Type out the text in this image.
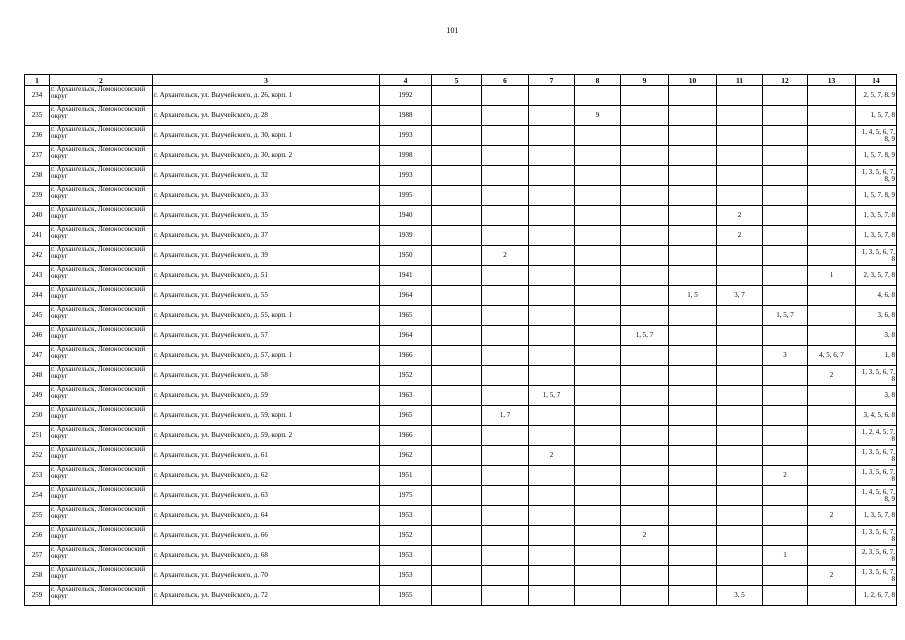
101
1	2	3	4	5	6	7	8	9	10	11	12	13	14
234	г. Архангельск, Ломоносовский округ	г. Архангельск, ул. Выучейского, д. 26, корп. 1	1992										2, 5, 7, 8, 9
235	г. Архангельск, Ломоносовский округ	г. Архангельск, ул. Выучейского, д. 28	1988				9						1, 5, 7, 8
236	г. Архангельск, Ломоносовский округ	г. Архангельск, ул. Выучейского, д. 30, корп. 1	1993										1, 4, 5, 6, 7, 8, 9
237	г. Архангельск, Ломоносовский округ	г. Архангельск, ул. Выучейского, д. 30, корп. 2	1998										1, 5, 7, 8, 9
238	г. Архангельск, Ломоносовский округ	г. Архангельск, ул. Выучейского, д. 32	1993										1, 3, 5, 6, 7, 8, 9
239	г. Архангельск, Ломоносовский округ	г. Архангельск, ул. Выучейского, д. 33	1995										1, 5, 7, 8, 9
240	г. Архангельск, Ломоносовский округ	г. Архангельск, ул. Выучейского, д. 35	1940							2			1, 3, 5, 7, 8
241	г. Архангельск, Ломоносовский округ	г. Архангельск, ул. Выучейского, д. 37	1939							2			1, 3, 5, 7, 8
242	г. Архангельск, Ломоносовский округ	г. Архангельск, ул. Выучейского, д. 39	1950		2								1, 3, 5, 6, 7, 8
243	г. Архангельск, Ломоносовский округ	г. Архангельск, ул. Выучейского, д. 51	1941									1	2, 3, 5, 7, 8
244	г. Архангельск, Ломоносовский округ	г. Архангельск, ул. Выучейского, д. 55	1964						1, 5	3, 7			4, 6, 8
245	г. Архангельск, Ломоносовский округ	г. Архангельск, ул. Выучейского, д. 55, корп. 1	1965								1, 5, 7		3, 6, 8
246	г. Архангельск, Ломоносовский округ	г. Архангельск, ул. Выучейского, д. 57	1964					1, 5, 7					3, 8
247	г. Архангельск, Ломоносовский округ	г. Архангельск, ул. Выучейского, д. 57, корп. 1	1966								3	4, 5, 6, 7	1, 8
248	г. Архангельск, Ломоносовский округ	г. Архангельск, ул. Выучейского, д. 58	1952									2	1, 3, 5, 6, 7, 8
249	г. Архангельск, Ломоносовский округ	г. Архангельск, ул. Выучейского, д. 59	1963			1, 5, 7							3, 8
250	г. Архангельск, Ломоносовский округ	г. Архангельск, ул. Выучейского, д. 59, корп. 1	1965		1, 7								3, 4, 5, 6, 8
251	г. Архангельск, Ломоносовский округ	г. Архангельск, ул. Выучейского, д. 59, корп. 2	1966										1, 2, 4, 5, 7, 8
252	г. Архангельск, Ломоносовский округ	г. Архангельск, ул. Выучейского, д. 61	1962			2							1, 3, 5, 6, 7, 8
253	г. Архангельск, Ломоносовский округ	г. Архангельск, ул. Выучейского, д. 62	1951								2		1, 3, 5, 6, 7, 8
254	г. Архангельск, Ломоносовский округ	г. Архангельск, ул. Выучейского, д. 63	1975										1, 4, 5, 6, 7, 8, 9
255	г. Архангельск, Ломоносовский округ	г. Архангельск, ул. Выучейского, д. 64	1953									2	1, 3, 5, 7, 8
256	г. Архангельск, Ломоносовский округ	г. Архангельск, ул. Выучейского, д. 66	1952					2					1, 3, 5, 6, 7, 8
257	г. Архангельск, Ломоносовский округ	г. Архангельск, ул. Выучейского, д. 68	1953								1		2, 3, 5, 6, 7, 8
258	г. Архангельск, Ломоносовский округ	г. Архангельск, ул. Выучейского, д. 70	1953									2	1, 3, 5, 6, 7, 8
259	г. Архангельск, Ломоносовский округ	г. Архангельск, ул. Выучейского, д. 72	1955							3, 5			1, 2, 6, 7, 8
